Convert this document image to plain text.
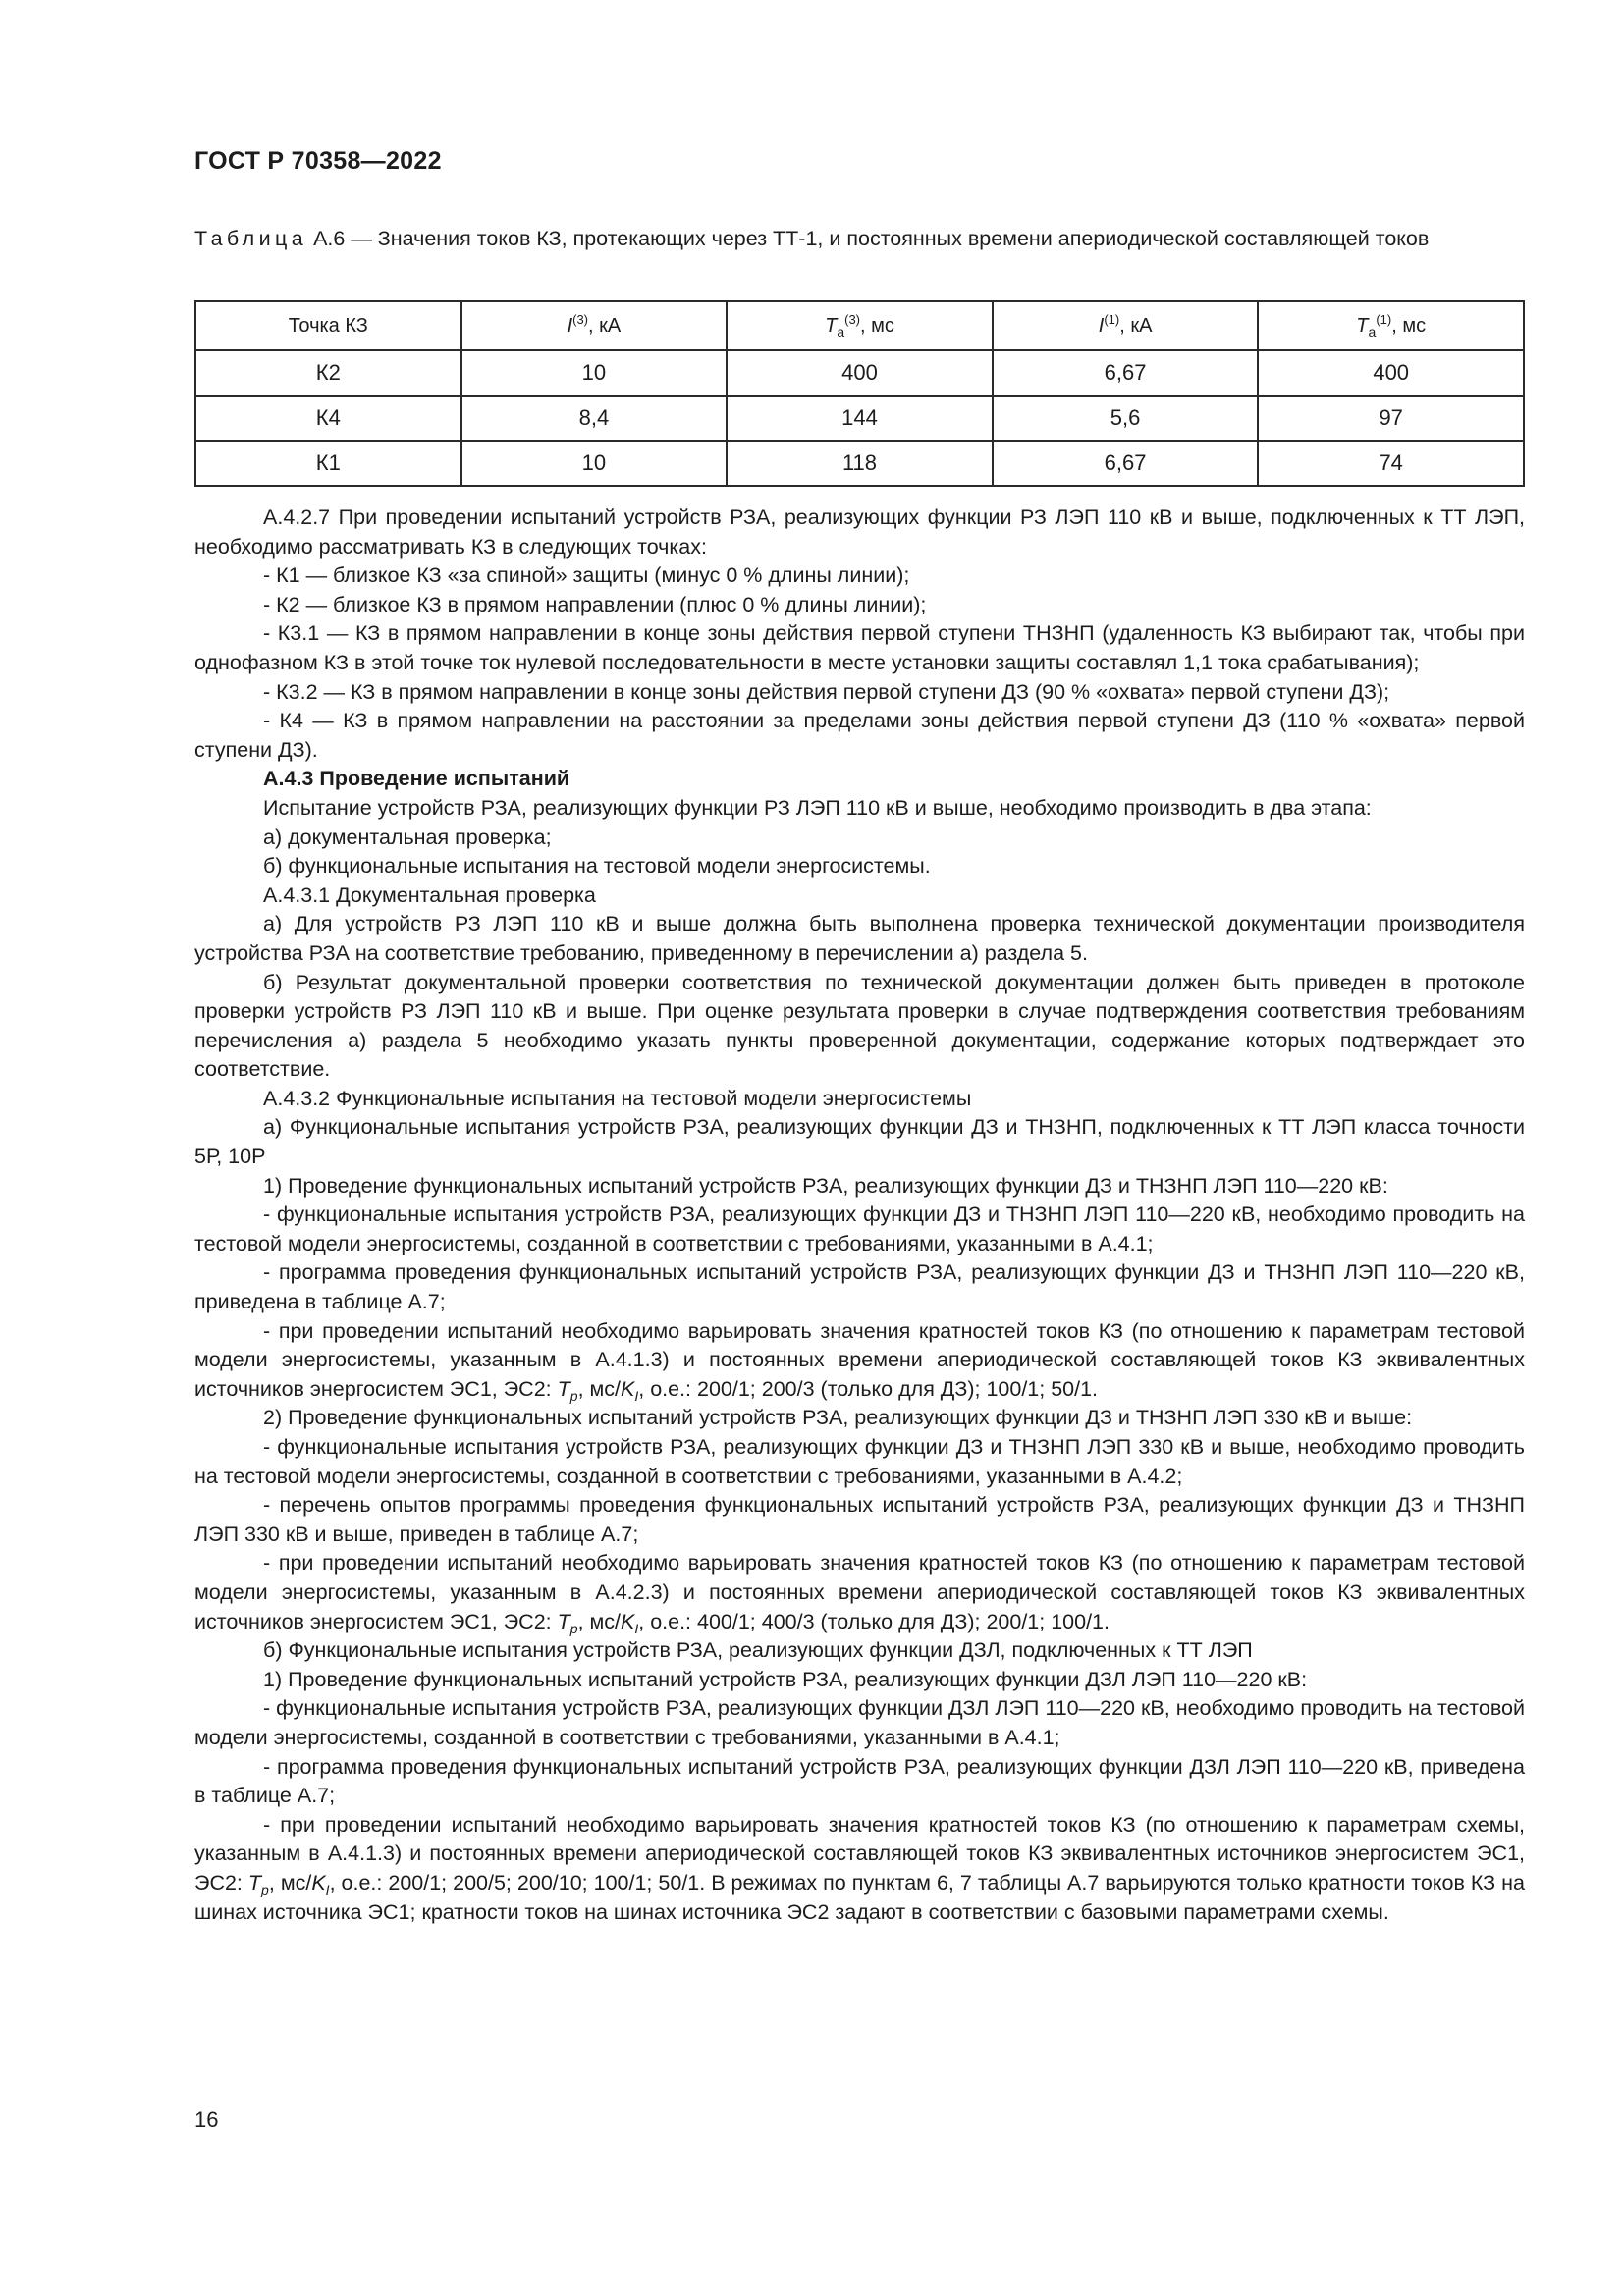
ГОСТ Р 70358—2022
Таблица А.6 — Значения токов КЗ, протекающих через ТТ-1, и постоянных времени апериодической составляющей токов
Точка КЗ	$I^{(3)}$, кА	$T_a^{(3)}$, мс	$I^{(1)}$, кА	$T_a^{(1)}$, мс
К2	10	400	6,67	400
К4	8,4	144	5,6	97
К1	10	118	6,67	74

А.4.2.7 При проведении испытаний устройств РЗА, реализующих функции РЗ ЛЭП 110 кВ и выше, подключенных к ТТ ЛЭП, необходимо рассматривать КЗ в следующих точках:

- К1 — близкое КЗ «за спиной» защиты (минус 0 % длины линии);

- К2 — близкое КЗ в прямом направлении (плюс 0 % длины линии);

- К3.1 — КЗ в прямом направлении в конце зоны действия первой ступени ТНЗНП (удаленность КЗ выбирают так, чтобы при однофазном КЗ в этой точке ток нулевой последовательности в месте установки защиты составлял 1,1 тока срабатывания);

- К3.2 — КЗ в прямом направлении в конце зоны действия первой ступени ДЗ (90 % «охвата» первой ступени ДЗ);

- К4 — КЗ в прямом направлении на расстоянии за пределами зоны действия первой ступени ДЗ (110 % «охвата» первой ступени ДЗ).

А.4.3 Проведение испытаний

Испытание устройств РЗА, реализующих функции РЗ ЛЭП 110 кВ и выше, необходимо производить в два этапа:

а) документальная проверка;

б) функциональные испытания на тестовой модели энергосистемы.

А.4.3.1 Документальная проверка

а) Для устройств РЗ ЛЭП 110 кВ и выше должна быть выполнена проверка технической документации производителя устройства РЗА на соответствие требованию, приведенному в перечислении а) раздела 5.

б) Результат документальной проверки соответствия по технической документации должен быть приведен в протоколе проверки устройств РЗ ЛЭП 110 кВ и выше. При оценке результата проверки в случае подтверждения соответствия требованиям перечисления а) раздела 5 необходимо указать пункты проверенной документации, содержание которых подтверждает это соответствие.

А.4.3.2 Функциональные испытания на тестовой модели энергосистемы

а) Функциональные испытания устройств РЗА, реализующих функции ДЗ и ТНЗНП, подключенных к ТТ ЛЭП класса точности 5Р, 10Р

1) Проведение функциональных испытаний устройств РЗА, реализующих функции ДЗ и ТНЗНП ЛЭП 110—220 кВ:

- функциональные испытания устройств РЗА, реализующих функции ДЗ и ТНЗНП ЛЭП 110—220 кВ, необходимо проводить на тестовой модели энергосистемы, созданной в соответствии с требованиями, указанными в А.4.1;

- программа проведения функциональных испытаний устройств РЗА, реализующих функции ДЗ и ТНЗНП ЛЭП 110—220 кВ, приведена в таблице А.7;

- при проведении испытаний необходимо варьировать значения кратностей токов КЗ (по отношению к параметрам тестовой модели энергосистемы, указанным в А.4.1.3) и постоянных времени апериодической составляющей токов КЗ эквивалентных источников энергосистем ЭС1, ЭС2: $T_p$, $мс/K_I$, о.е.: 200/1; 200/3 (только для ДЗ); 100/1; 50/1.

2) Проведение функциональных испытаний устройств РЗА, реализующих функции ДЗ и ТНЗНП ЛЭП 330 кВ и выше:

- функциональные испытания устройств РЗА, реализующих функции ДЗ и ТНЗНП ЛЭП 330 кВ и выше, необходимо проводить на тестовой модели энергосистемы, созданной в соответствии с требованиями, указанными в А.4.2;

- перечень опытов программы проведения функциональных испытаний устройств РЗА, реализующих функции ДЗ и ТНЗНП ЛЭП 330 кВ и выше, приведен в таблице А.7;

- при проведении испытаний необходимо варьировать значения кратностей токов КЗ (по отношению к параметрам тестовой модели энергосистемы, указанным в А.4.2.3) и постоянных времени апериодической составляющей токов КЗ эквивалентных источников энергосистем ЭС1, ЭС2: $T_p$, $мс/K_I$, о.е.: 400/1; 400/3 (только для ДЗ); 200/1; 100/1.

б) Функциональные испытания устройств РЗА, реализующих функции ДЗЛ, подключенных к ТТ ЛЭП

1) Проведение функциональных испытаний устройств РЗА, реализующих функции ДЗЛ ЛЭП 110—220 кВ:

- функциональные испытания устройств РЗА, реализующих функции ДЗЛ ЛЭП 110—220 кВ, необходимо проводить на тестовой модели энергосистемы, созданной в соответствии с требованиями, указанными в А.4.1;

- программа проведения функциональных испытаний устройств РЗА, реализующих функции ДЗЛ ЛЭП 110—220 кВ, приведена в таблице А.7;

- при проведении испытаний необходимо варьировать значения кратностей токов КЗ (по отношению к параметрам схемы, указанным в А.4.1.3) и постоянных времени апериодической составляющей токов КЗ эквивалентных источников энергосистем ЭС1, ЭС2: $T_p$, $мс/K_I$, о.е.: 200/1; 200/5; 200/10; 100/1; 50/1. В режимах по пунктам 6, 7 таблицы А.7 варьируются только кратности токов КЗ на шинах источника ЭС1; кратности токов на шинах источника ЭС2 задают в соответствии с базовыми параметрами схемы.

16
